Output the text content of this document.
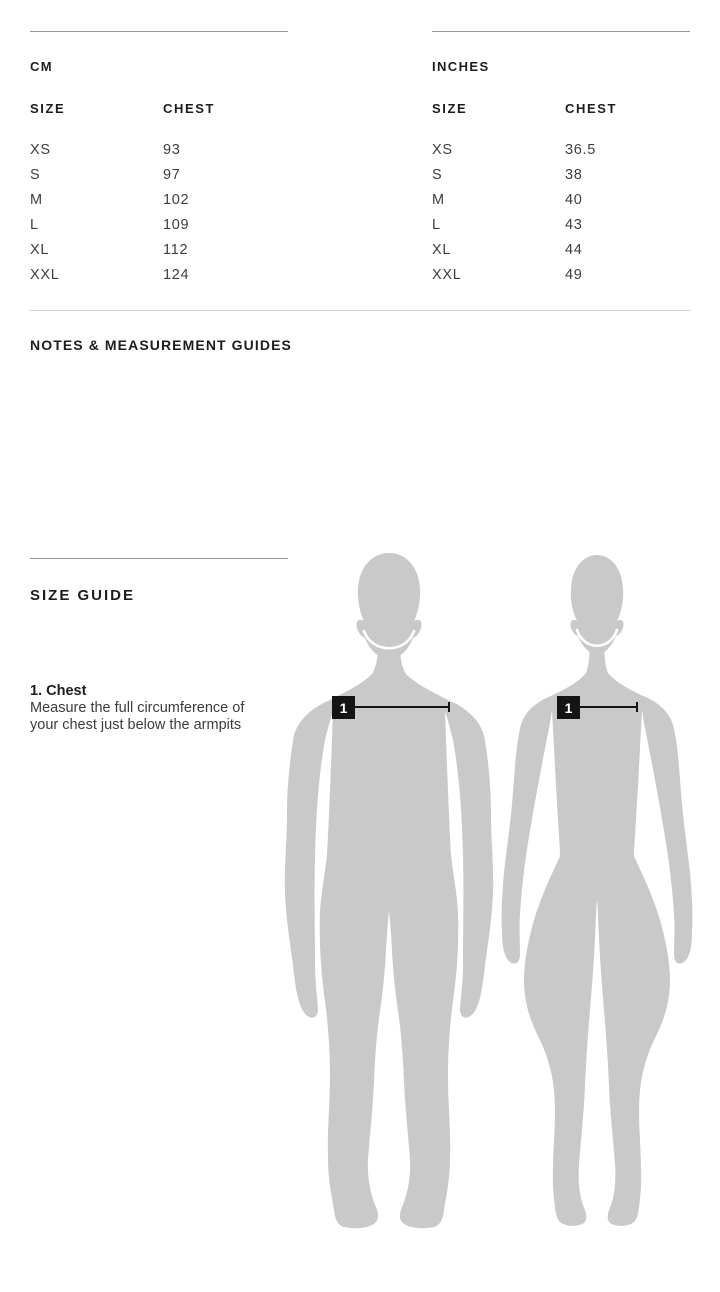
CM
SIZE	CHEST
XS	93
S	97
M	102
L	109
XL	112
XXL	124
INCHES
SIZE	CHEST
XS	36.5
S	38
M	40
L	43
XL	44
XXL	49
NOTES & MEASUREMENT GUIDES

SIZE GUIDE
1. Chest

Measure the full circumference of your chest just below the armpits

1	1
